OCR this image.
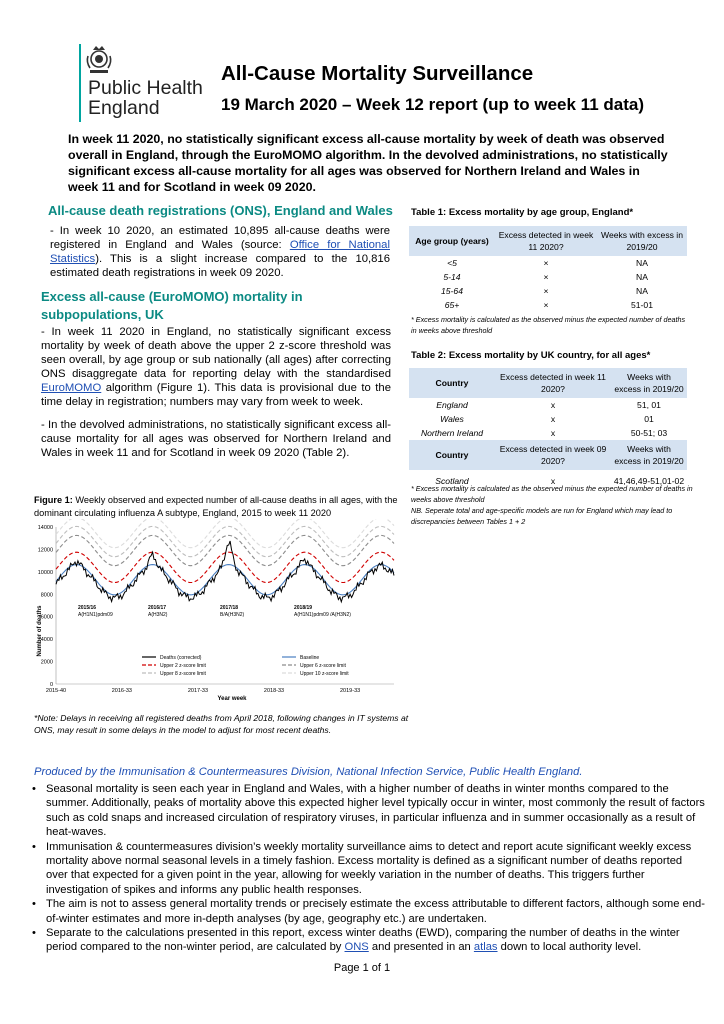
Public Health
England
All-Cause Mortality Surveillance
19 March 2020 – Week 12 report (up to week 11 data)
In week 11 2020, no statistically significant excess all-cause mortality by week of death was observed overall in England, through the EuroMOMO algorithm. In the devolved administrations, no statistically significant excess all-cause mortality for all ages was observed for Northern Ireland and Wales in week 11 and for Scotland in week 09 2020.
All-cause death registrations (ONS), England and Wales
- In week 10 2020, an estimated 10,895 all-cause deaths were registered in England and Wales (source: Office for National Statistics). This is a slight increase compared to the 10,816 estimated death registrations in week 09 2020.
Excess all-cause (EuroMOMO) mortality in
subpopulations, UK
- In week 11 2020 in England, no statistically significant excess mortality by week of death above the upper 2 z-score threshold was seen overall, by age group or sub nationally (all ages) after correcting ONS disaggregate data for reporting delay with the standardised EuroMOMO algorithm (Figure 1). This data is provisional due to the time delay in registration; numbers may vary from week to week.
- In the devolved administrations, no statistically significant excess all-cause mortality for all ages was observed for Northern Ireland and Wales in week 11 and for Scotland in week 09 2020 (Table 2).
Table 1: Excess mortality by age group, England*
Age group (years)	Excess detected in week 11 2020?	Weeks with excess in 2019/20
<5	×	NA
5-14	×	NA
15-64	×	NA
65+	×	51-01
* Excess mortality is calculated as the observed minus the expected number of deaths in weeks above threshold
Table 2: Excess mortality by UK country, for all ages*
Country	Excess detected in week 11 2020?	Weeks with excess in 2019/20
England	x	51, 01
Wales	x	01
Northern Ireland	x	50-51; 03
Country	Excess detected in week 09 2020?	Weeks with excess in 2019/20
Scotland	x	41,46,49-51,01-02
* Excess mortality is calculated as the observed minus the expected number of deaths in weeks above threshold
NB. Seperate total and age-specific models are run for England which may lead to discrepancies between Tables 1 + 2
Figure 1: Weekly observed and expected number of all-cause deaths in all ages, with the dominant circulating influenza A subtype, England, 2015 to week 11 2020
0
2000
4000
6000
8000
10000
12000
14000
2015-40	2016-33	2017-33	2018-33	2019-33
2015/16
A(H1N1)pdm09
2016/17
A(H3N2)
2017/18
B/A(H3N2)
2018/19
A(H1N1)pdm09 /A(H3N2)
Deaths (corrected)	Baseline
Upper 2 z-score limit	Upper 6 z-score limit
Upper 8 z-score limit	Upper 10 z-score limit
Number of deaths
Year week
*Note: Delays in receiving all registered deaths from April 2018, following changes in IT systems at ONS, may result in some delays in the model to adjust for most recent deaths.
Produced by the Immunisation & Countermeasures Division, National Infection Service, Public Health England.
• Seasonal mortality is seen each year in England and Wales, with a higher number of deaths in winter months compared to the summer. Additionally, peaks of mortality above this expected higher level typically occur in winter, most commonly the result of factors such as cold snaps and increased circulation of respiratory viruses, in particular influenza and in summer occasionally as a result of heat-waves.
• Immunisation & countermeasures division’s weekly mortality surveillance aims to detect and report acute significant weekly excess mortality above normal seasonal levels in a timely fashion. Excess mortality is defined as a significant number of deaths reported over that expected for a given point in the year, allowing for weekly variation in the number of deaths. This triggers further investigation of spikes and informs any public health responses.
• The aim is not to assess general mortality trends or precisely estimate the excess attributable to different factors, although some end-of-winter estimates and more in-depth analyses (by age, geography etc.) are undertaken.
• Separate to the calculations presented in this report, excess winter deaths (EWD), comparing the number of deaths in the winter period compared to the non-winter period, are calculated by ONS and presented in an atlas down to local authority level.
Page 1 of 1
